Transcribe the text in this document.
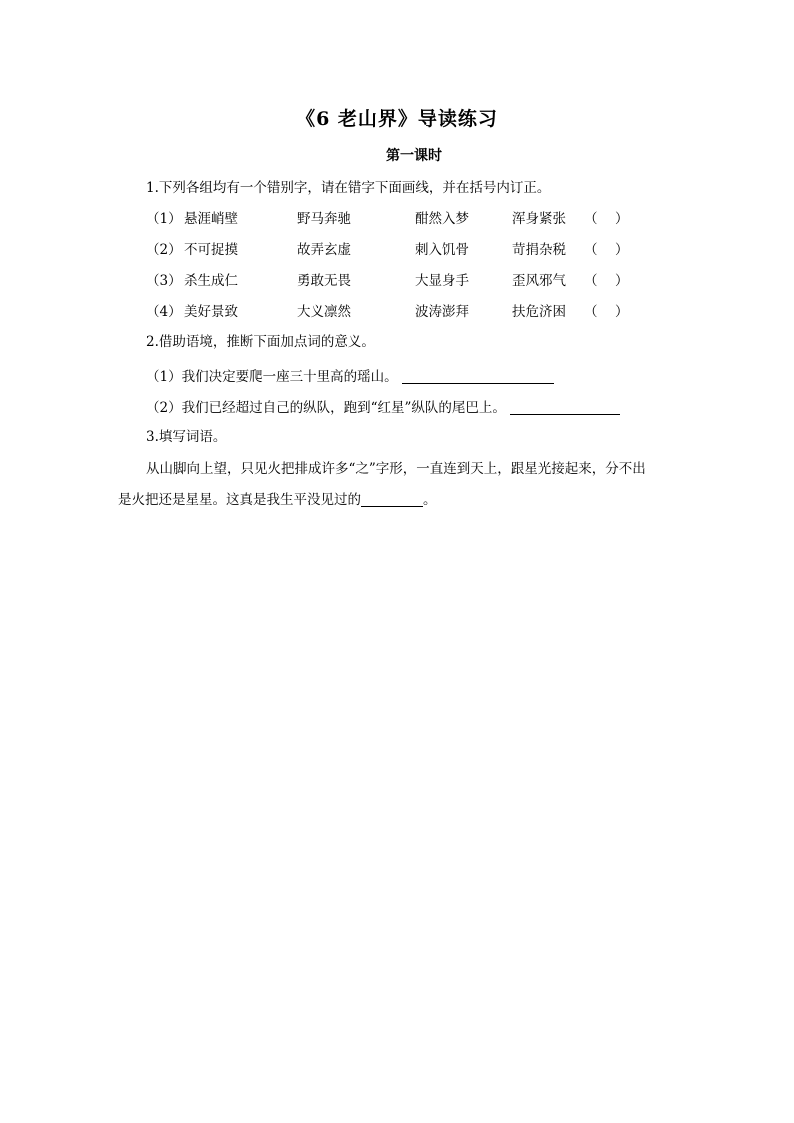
《6 老山界》导读练习
第一课时
1.下列各组均有一个错别字，请在错字下面画线，并在括号内订正。
（1） 悬涯峭壁	野马奔驰	酣然入梦	浑身紧张 （　）
（2） 不可捉摸	故弄玄虚	刺入饥骨	苛捐杂税 （　）
（3） 杀生成仁	勇敢无畏	大显身手	歪风邪气 （　）
（4） 美好景致	大义凛然	波涛澎拜	扶危济困 （　）
2.借助语境，推断下面加点词的意义。
（1）我们决定要爬一座三十里高的瑶山。
（2）我们已经超过自己的纵队，跑到“红星”纵队的尾巴上。
3.填写词语。
从山脚向上望，只见火把排成许多“之”字形，一直连到天上，跟星光接起来，分不出
是火把还是星星。这真是我生平没见过的	。
